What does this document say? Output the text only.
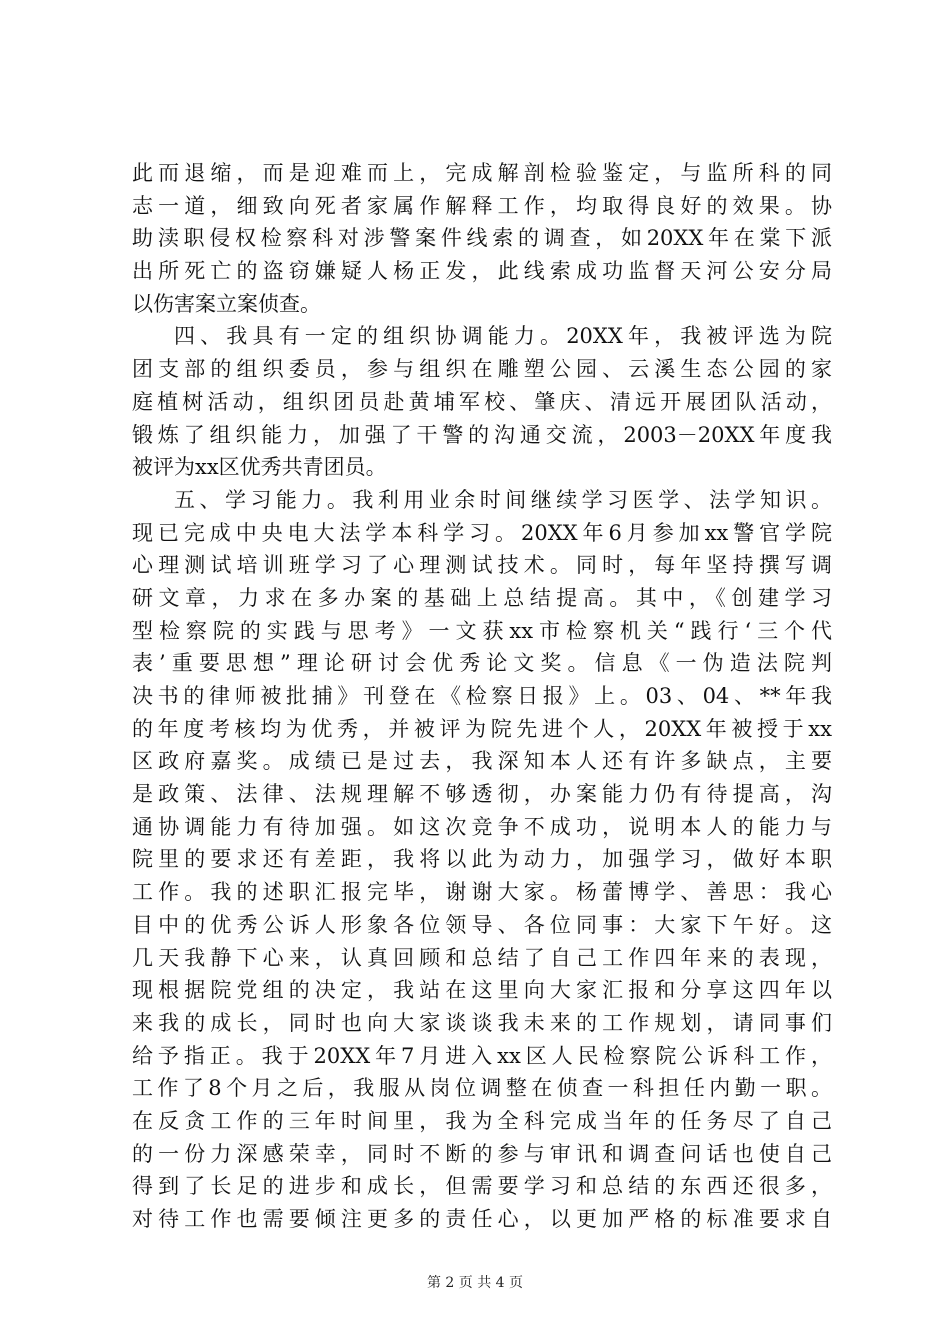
此而退缩，而是迎难而上，完成解剖检验鉴定，与监所科的同
志一道，细致向死者家属作解释工作，均取得良好的效果。协
助渎职侵权检察科对涉警案件线索的调查，如20XX年在棠下派
出所死亡的盗窃嫌疑人杨正发，此线索成功监督天河公安分局
以伤害案立案侦查。
四、我具有一定的组织协调能力。20XX年，我被评选为院
团支部的组织委员，参与组织在雕塑公园、云溪生态公园的家
庭植树活动，组织团员赴黄埔军校、肇庆、清远开展团队活动，
锻炼了组织能力，加强了干警的沟通交流，2003－20XX年度我
被评为xx区优秀共青团员。
五、学习能力。我利用业余时间继续学习医学、法学知识。
现已完成中央电大法学本科学习。20XX年6月参加xx警官学院
心理测试培训班学习了心理测试技术。同时，每年坚持撰写调
研文章，力求在多办案的基础上总结提高。其中，《创建学习
型检察院的实践与思考》一文获xx市检察机关“践行‘三个代
表’重要思想”理论研讨会优秀论文奖。信息《一伪造法院判
决书的律师被批捕》刊登在《检察日报》上。03、04、**年我
的年度考核均为优秀，并被评为院先进个人，20XX年被授于xx
区政府嘉奖。成绩已是过去，我深知本人还有许多缺点，主要
是政策、法律、法规理解不够透彻，办案能力仍有待提高，沟
通协调能力有待加强。如这次竞争不成功，说明本人的能力与
院里的要求还有差距，我将以此为动力，加强学习，做好本职
工作。我的述职汇报完毕，谢谢大家。杨蕾博学、善思：我心
目中的优秀公诉人形象各位领导、各位同事：大家下午好。这
几天我静下心来，认真回顾和总结了自己工作四年来的表现，
现根据院党组的决定，我站在这里向大家汇报和分享这四年以
来我的成长，同时也向大家谈谈我未来的工作规划，请同事们
给予指正。我于20XX年7月进入xx区人民检察院公诉科工作，
工作了8个月之后，我服从岗位调整在侦查一科担任内勤一职。
在反贪工作的三年时间里，我为全科完成当年的任务尽了自己
的一份力深感荣幸，同时不断的参与审讯和调查问话也使自己
得到了长足的进步和成长，但需要学习和总结的东西还很多，
对待工作也需要倾注更多的责任心，以更加严格的标准要求自
第 2 页 共 4 页
